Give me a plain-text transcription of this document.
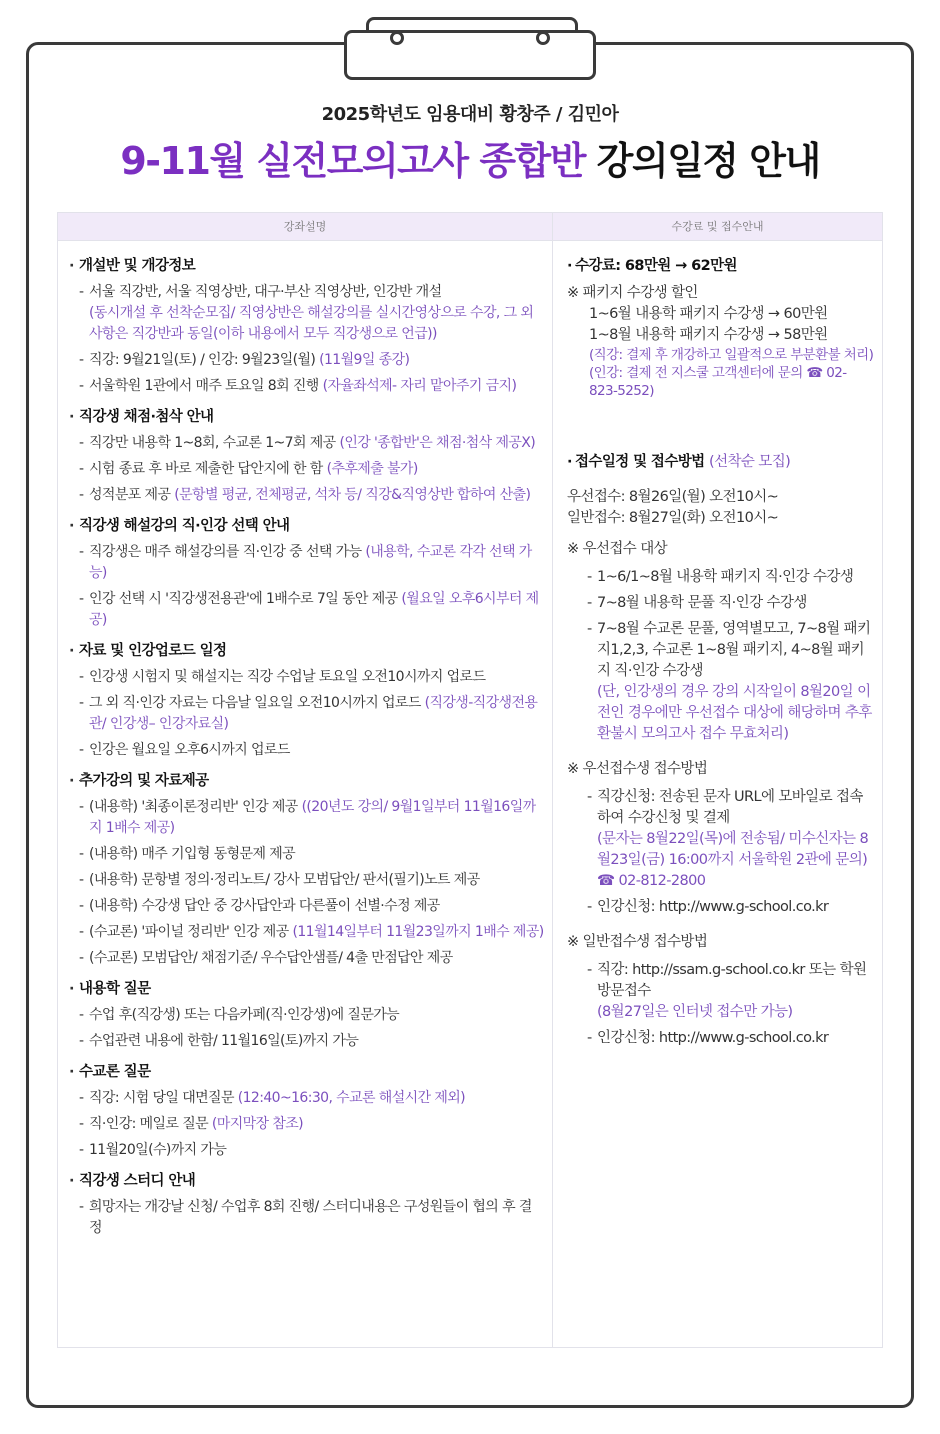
2025학년도 임용대비 황창주 / 김민아
9-11월 실전모의고사 종합반 강의일정 안내
강좌설명
· 개설반 및 개강정보
- 서울 직강반, 서울 직영상반, 대구·부산 직영상반, 인강반 개설
(동시개설 후 선착순모집/ 직영상반은 해설강의를 실시간영상으로 수강, 그 외 사항은 직강반과 동일(이하 내용에서 모두 직강생으로 언급))
- 직강: 9월21일(토) / 인강: 9월23일(월) (11월9일 종강)
- 서울학원 1관에서 매주 토요일 8회 진행 (자율좌석제- 자리 맡아주기 금지)
· 직강생 채점·첨삭 안내
- 직강만 내용학 1~8회, 수교론 1~7회 제공 (인강 '종합반'은 채점·첨삭 제공X)
- 시험 종료 후 바로 제출한 답안지에 한 함 (추후제출 불가)
- 성적분포 제공 (문항별 평균, 전체평균, 석차 등/ 직강&직영상반 합하여 산출)
· 직강생 해설강의 직·인강 선택 안내
- 직강생은 매주 해설강의를 직·인강 중 선택 가능 (내용학, 수교론 각각 선택 가능)
- 인강 선택 시 '직강생전용관'에 1배수로 7일 동안 제공 (월요일 오후6시부터 제공)
· 자료 및 인강업로드 일정
- 인강생 시험지 및 해설지는 직강 수업날 토요일 오전10시까지 업로드
- 그 외 직·인강 자료는 다음날 일요일 오전10시까지 업로드 (직강생-직강생전용관/ 인강생– 인강자료실)
- 인강은 월요일 오후6시까지 업로드
· 추가강의 및 자료제공
- (내용학) '최종이론정리반' 인강 제공 ((20년도 강의/ 9월1일부터 11월16일까지 1배수 제공)
- (내용학) 매주 기입형 동형문제 제공
- (내용학) 문항별 정의·정리노트/ 강사 모범답안/ 판서(필기)노트 제공
- (내용학) 수강생 답안 중 강사답안과 다른풀이 선별·수정 제공
- (수교론) '파이널 정리반' 인강 제공 (11월14일부터 11월23일까지 1배수 제공)
- (수교론) 모범답안/ 채점기준/ 우수답안샘플/ 4출 만점답안 제공
· 내용학 질문
- 수업 후(직강생) 또는 다음카페(직·인강생)에 질문가능
- 수업관련 내용에 한함/ 11월16일(토)까지 가능
· 수교론 질문
- 직강: 시험 당일 대면질문 (12:40~16:30, 수교론 해설시간 제외)
- 직·인강: 메일로 질문 (마지막장 참조)
- 11월20일(수)까지 가능
· 직강생 스터디 안내
- 희망자는 개강날 신청/ 수업후 8회 진행/ 스터디내용은 구성원들이 협의 후 결정
수강료 및 접수안내
· 수강료: 68만원 → 62만원
※ 패키지 수강생 할인
1~6월 내용학 패키지 수강생 → 60만원
1~8월 내용학 패키지 수강생 → 58만원
(직강: 결제 후 개강하고 일괄적으로 부분환불 처리)
(인강: 결제 전 지스쿨 고객센터에 문의 ☎ 02-823-5252)
· 접수일정 및 접수방법 (선착순 모집)
우선접수: 8월26일(월) 오전10시~
일반접수: 8월27일(화) 오전10시~
※ 우선접수 대상
- 1~6/1~8월 내용학 패키지 직·인강 수강생
- 7~8월 내용학 문풀 직·인강 수강생
- 7~8월 수교론 문풀, 영역별모고, 7~8월 패키지1,2,3, 수교론 1~8월 패키지, 4~8월 패키지 직·인강 수강생
(단, 인강생의 경우 강의 시작일이 8월20일 이전인 경우에만 우선접수 대상에 해당하며 추후 환불시 모의고사 접수 무효처리)
※ 우선접수생 접수방법
- 직강신청: 전송된 문자 URL에 모바일로 접속하여 수강신청 및 결제
(문자는 8월22일(목)에 전송됨/ 미수신자는 8월23일(금) 16:00까지 서울학원 2관에 문의) ☎ 02-812-2800
- 인강신청: http://www.g-school.co.kr
※ 일반접수생 접수방법
- 직강: http://ssam.g-school.co.kr 또는 학원방문접수
(8월27일은 인터넷 접수만 가능)
- 인강신청: http://www.g-school.co.kr
